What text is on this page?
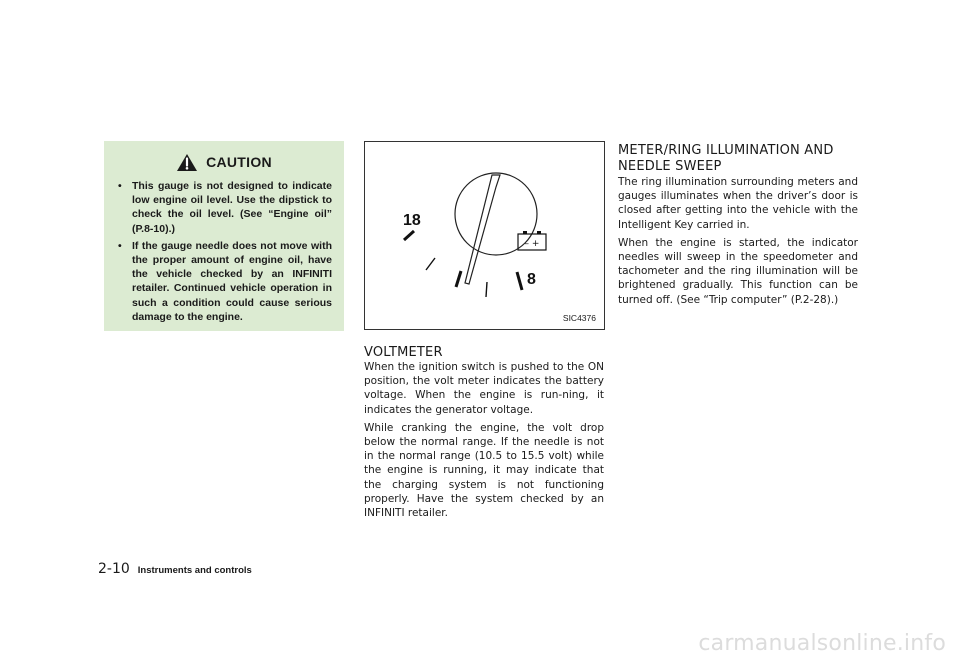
CAUTION
• This gauge is not designed to indicate low engine oil level. Use the dipstick to check the oil level. (See “Engine oil” (P.8-10).)
• If the gauge needle does not move with the proper amount of engine oil, have the vehicle checked by an INFINITI retailer. Continued vehicle operation in such a condition could cause serious damage to the engine.
– +
18
8
SIC4376
VOLTMETER

When the ignition switch is pushed to the ON position, the volt meter indicates the battery voltage. When the engine is run-ning, it indicates the generator voltage.

While cranking the engine, the volt drop below the normal range. If the needle is not in the normal range (10.5 to 15.5 volt) while the engine is running, it may indicate that the charging system is not functioning properly. Have the system checked by an INFINITI retailer.

METER/RING ILLUMINATION AND NEEDLE SWEEP

The ring illumination surrounding meters and gauges illuminates when the driver’s door is closed after getting into the vehicle with the Intelligent Key carried in.

When the engine is started, the indicator needles will sweep in the speedometer and tachometer and the ring illumination will be brightened gradually. This function can be turned off. (See “Trip computer” (P.2-28).)

2-10 Instruments and controls
carmanualsonline.info
